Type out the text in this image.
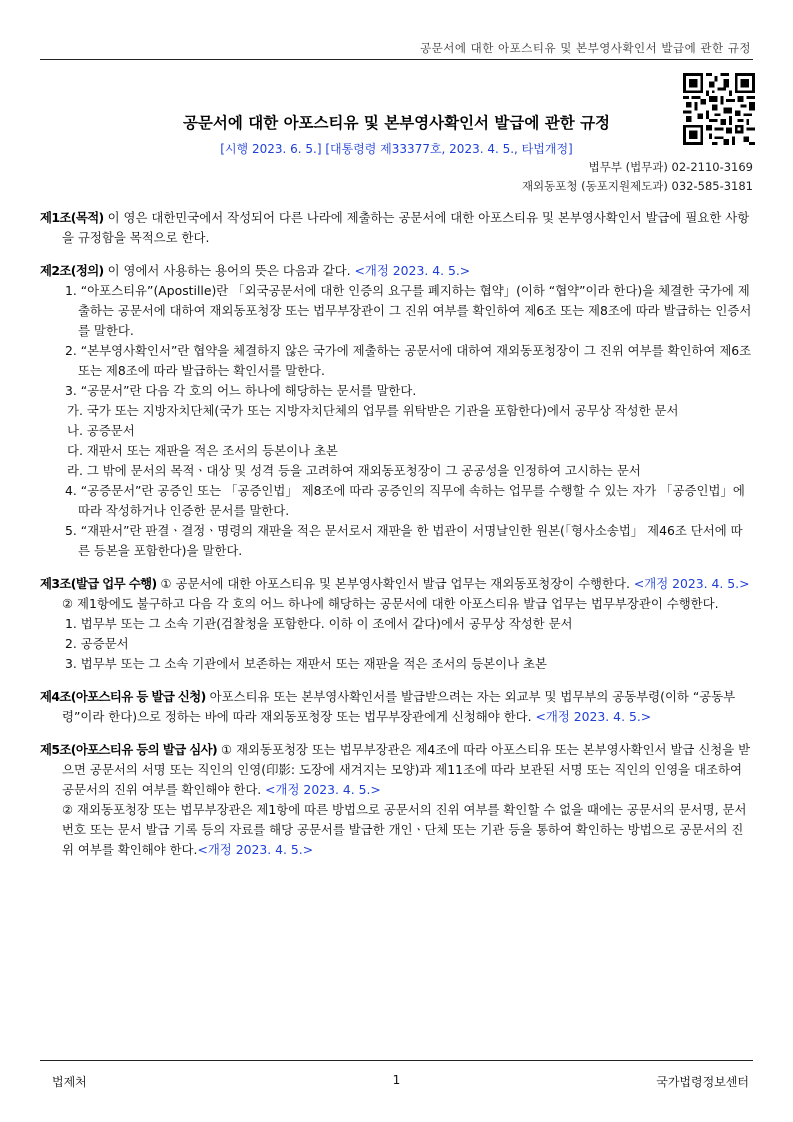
공문서에 대한 아포스티유 및 본부영사확인서 발급에 관한 규정
공문서에 대한 아포스티유 및 본부영사확인서 발급에 관한 규정
[시행 2023. 6. 5.] [대통령령 제33377호, 2023. 4. 5., 타법개정]
법무부 (법무과) 02-2110-3169
재외동포청 (동포지원제도과) 032-585-3181

제1조(목적) 이 영은 대한민국에서 작성되어 다른 나라에 제출하는 공문서에 대한 아포스티유 및 본부영사확인서 발급에 필요한 사항을 규정함을 목적으로 한다.

제2조(정의) 이 영에서 사용하는 용어의 뜻은 다음과 같다. <개정 2023. 4. 5.>

1. “아포스티유”(Apostille)란 「외국공문서에 대한 인증의 요구를 폐지하는 협약」(이하 “협약”이라 한다)을 체결한 국가에 제출하는 공문서에 대하여 재외동포청장 또는 법무부장관이 그 진위 여부를 확인하여 제6조 또는 제8조에 따라 발급하는 인증서를 말한다.

2. “본부영사확인서”란 협약을 체결하지 않은 국가에 제출하는 공문서에 대하여 재외동포청장이 그 진위 여부를 확인하여 제6조 또는 제8조에 따라 발급하는 확인서를 말한다.

3. “공문서”란 다음 각 호의 어느 하나에 해당하는 문서를 말한다.

가. 국가 또는 지방자치단체(국가 또는 지방자치단체의 업무를 위탁받은 기관을 포함한다)에서 공무상 작성한 문서

나. 공증문서

다. 재판서 또는 재판을 적은 조서의 등본이나 초본

라. 그 밖에 문서의 목적ㆍ대상 및 성격 등을 고려하여 재외동포청장이 그 공공성을 인정하여 고시하는 문서

4. “공증문서”란 공증인 또는 「공증인법」 제8조에 따라 공증인의 직무에 속하는 업무를 수행할 수 있는 자가 「공증인법」에 따라 작성하거나 인증한 문서를 말한다.

5. “재판서”란 판결ㆍ결정ㆍ명령의 재판을 적은 문서로서 재판을 한 법관이 서명날인한 원본(「형사소송법」 제46조 단서에 따른 등본을 포함한다)을 말한다.

제3조(발급 업무 수행) ① 공문서에 대한 아포스티유 및 본부영사확인서 발급 업무는 재외동포청장이 수행한다. <개정 2023. 4. 5.>

② 제1항에도 불구하고 다음 각 호의 어느 하나에 해당하는 공문서에 대한 아포스티유 발급 업무는 법무부장관이 수행한다.

1. 법무부 또는 그 소속 기관(검찰청을 포함한다. 이하 이 조에서 같다)에서 공무상 작성한 문서

2. 공증문서

3. 법무부 또는 그 소속 기관에서 보존하는 재판서 또는 재판을 적은 조서의 등본이나 초본

제4조(아포스티유 등 발급 신청) 아포스티유 또는 본부영사확인서를 발급받으려는 자는 외교부 및 법무부의 공동부령(이하 “공동부령”이라 한다)으로 정하는 바에 따라 재외동포청장 또는 법무부장관에게 신청해야 한다. <개정 2023. 4. 5.>

제5조(아포스티유 등의 발급 심사) ① 재외동포청장 또는 법무부장관은 제4조에 따라 아포스티유 또는 본부영사확인서 발급 신청을 받으면 공문서의 서명 또는 직인의 인영(印影: 도장에 새겨지는 모양)과 제11조에 따라 보관된 서명 또는 직인의 인영을 대조하여 공문서의 진위 여부를 확인해야 한다. <개정 2023. 4. 5.>

② 재외동포청장 또는 법무부장관은 제1항에 따른 방법으로 공문서의 진위 여부를 확인할 수 없을 때에는 공문서의 문서명, 문서 번호 또는 문서 발급 기록 등의 자료를 해당 공문서를 발급한 개인ㆍ단체 또는 기관 등을 통하여 확인하는 방법으로 공문서의 진위 여부를 확인해야 한다.<개정 2023. 4. 5.>

법제처	1	국가법령정보센터
